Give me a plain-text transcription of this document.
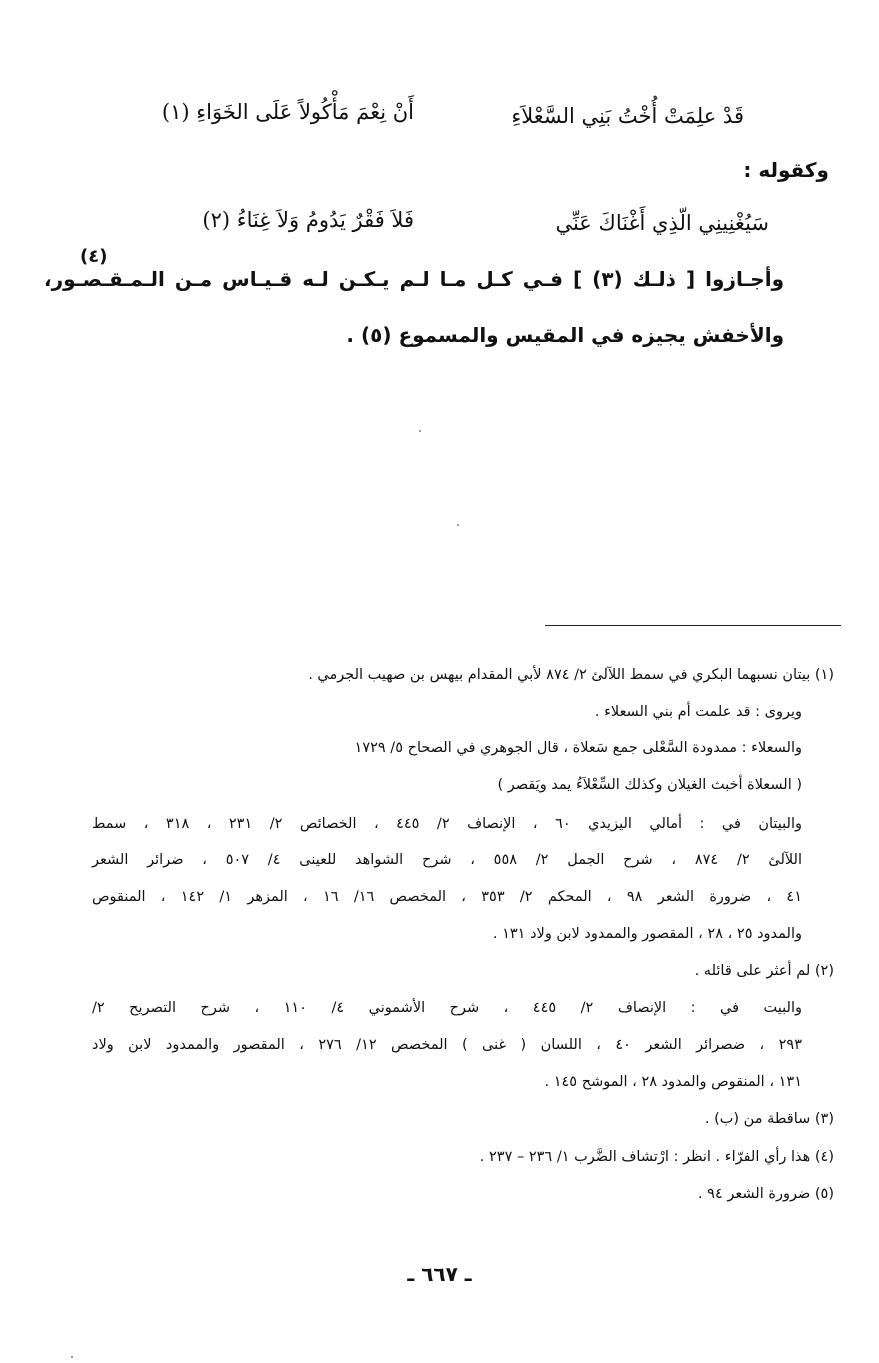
قَدْ علِمَتْ أُخْتُ بَنِي السَّعْلاَءِ
أَنْ نِعْمَ مَأْكُولاً عَلَى الخَوَاءِ (١)
وكقوله :
سَيُغْنِينِي الّذِي أَغْنَاكَ عَنِّي
فَلاَ فَقْرٌ يَدُومُ وَلاَ غِنَاءُ (٢)
(٤)
وأجـازوا [ ذلـك (٣) ] فـي كـل مـا لـم يـكـن لـه قـيـاس مـن الـمـقـصـور،
والأخفش يجيزه في المقيس والمسموع (٥) .
(١) بيتان نسبهما البكري في سمط اللآلئ ٢/ ٨٧٤ لأبي المقدام بيهس بن صهيب الجرمي .
ويروى : قد علمت أم بني السعلاء .
والسعلاء : ممدودة السَّعْلى جمع سَعلاة ، قال الجوهري في الصحاح ٥/ ١٧٢٩
( السعلاة أخبث الغيلان وكذلك السِّعْلاَءُ يمد ويَقصر )
والبيتان في : أمالي اليزيدي ٦٠ ، الإنصاف ٢/ ٤٤٥ ، الخصائص ٢/ ٢٣١ ، ٣١٨ ، سمط
اللآلئ ٢/ ٨٧٤ ، شرح الجمل ٢/ ٥٥٨ ، شرح الشواهد للعينى ٤/ ٥٠٧ ، ضرائر الشعر
٤١ ، ضرورة الشعر ٩٨ ، المحكم ٢/ ٣٥٣ ، المخصص ١٦/ ١٦ ، المزهر ١/ ١٤٢ ، المنقوص
والمدود ٢٥ ، ٢٨ ، المقصور والممدود لابن ولاد ١٣١ .
(٢) لم أعثر على قائله .
والبيت في : الإنصاف ٢/ ٤٤٥ ، شرح الأشموني ٤/ ١١٠ ، شرح التصريح ٢/
٢٩٣ ، ضصرائر الشعر ٤٠ ، اللسان ( غنى ) المخصص ١٢/ ٢٧٦ ، المقصور والممدود لابن ولاد
١٣١ ، المنقوص والمدود ٢٨ ، الموشح ١٤٥ .
(٣) ساقطة من (ب) .
(٤) هذا رأي الفرّاء . انظر : ارْتشاف الضَّرب ١/ ٢٣٦ – ٢٣٧ .
(٥) ضرورة الشعر ٩٤ .
ـ ٦٦٧ ـ
